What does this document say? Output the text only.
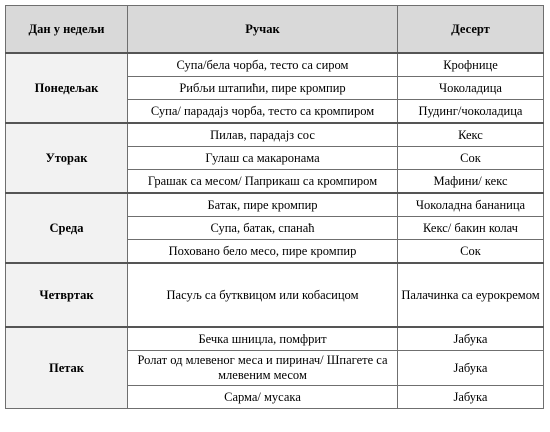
Дан у недељи	Ручак	Десерт
Понедељак	Супа/бела чорба, тесто са сиром	Крофнице
	Рибљи штапићи, пире кромпир	Чоколадица
	Супа/ парадајз чорба, тесто са кромпиром	Пудинг/чоколадица
Уторак	Пилав, парадајз сос	Кекс
	Гулаш са макаронама	Сок
	Грашак са месом/ Паприкаш са кромпиром	Мафини/ кекс
Среда	Батак, пире кромпир	Чоколадна бананица
	Супа, батак, спанаћ	Кекс/ бакин колач
	Поховано бело месо, пире кромпир	Сок
Четвртак	Пасуљ са бутквицом или кобасицом	Палачинка са еурокремом
Петак	Бечка шницла, помфрит	Јабука
	Ролат од млевеног меса и пиринач/ Шпагете са млевеним месом	Јабука
	Сарма/ мусака	Јабука
